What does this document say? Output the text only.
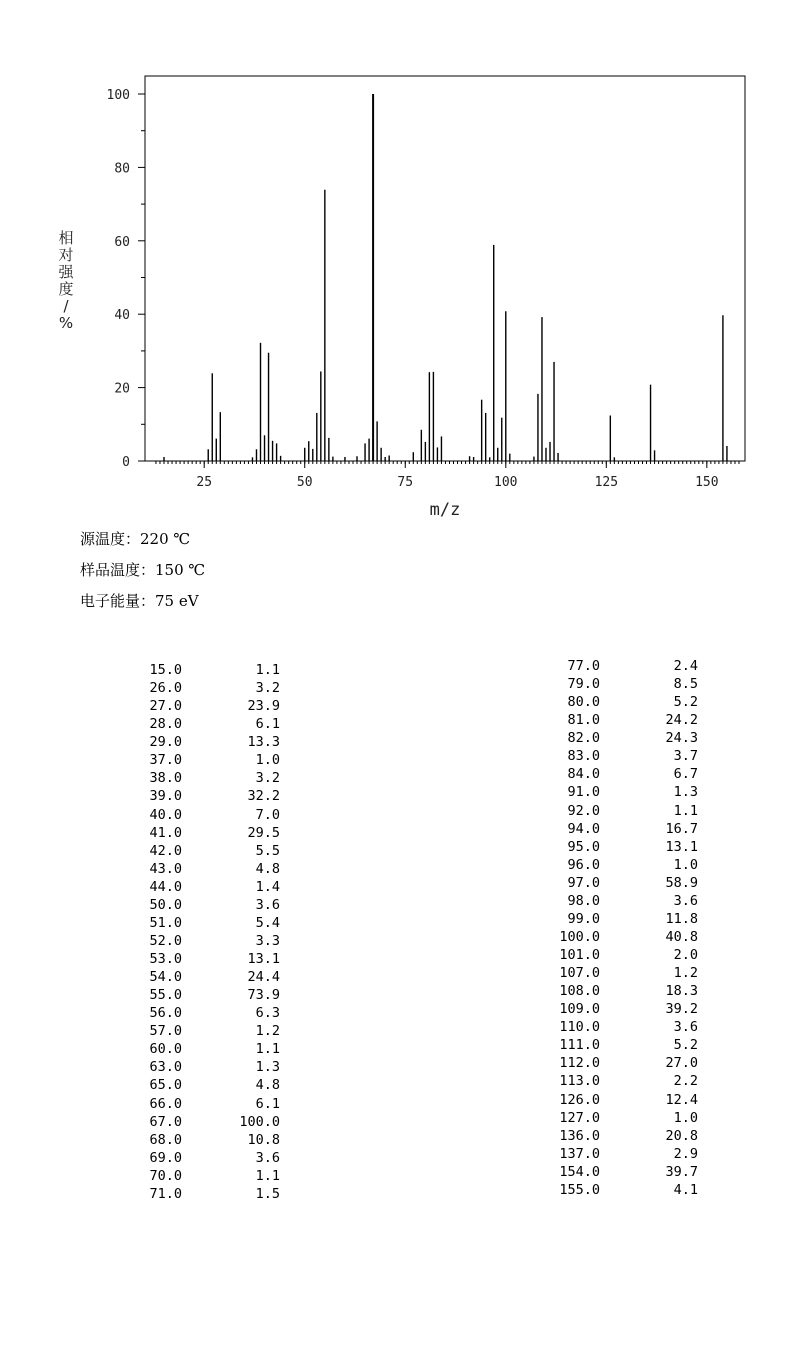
25	50	75	100	125	150
0
20
40
60
80
100
m/z
相
对
强
度
/
%
源温度：220 ℃
样品温度：150 ℃
电子能量：75 eV
15.0	1.1
26.0	3.2
27.0	23.9
28.0	6.1
29.0	13.3
37.0	1.0
38.0	3.2
39.0	32.2
40.0	7.0
41.0	29.5
42.0	5.5
43.0	4.8
44.0	1.4
50.0	3.6
51.0	5.4
52.0	3.3
53.0	13.1
54.0	24.4
55.0	73.9
56.0	6.3
57.0	1.2
60.0	1.1
63.0	1.3
65.0	4.8
66.0	6.1
67.0	100.0
68.0	10.8
69.0	3.6
70.0	1.1
71.0	1.5
77.0	2.4
79.0	8.5
80.0	5.2
81.0	24.2
82.0	24.3
83.0	3.7
84.0	6.7
91.0	1.3
92.0	1.1
94.0	16.7
95.0	13.1
96.0	1.0
97.0	58.9
98.0	3.6
99.0	11.8
100.0	40.8
101.0	2.0
107.0	1.2
108.0	18.3
109.0	39.2
110.0	3.6
111.0	5.2
112.0	27.0
113.0	2.2
126.0	12.4
127.0	1.0
136.0	20.8
137.0	2.9
154.0	39.7
155.0	4.1
